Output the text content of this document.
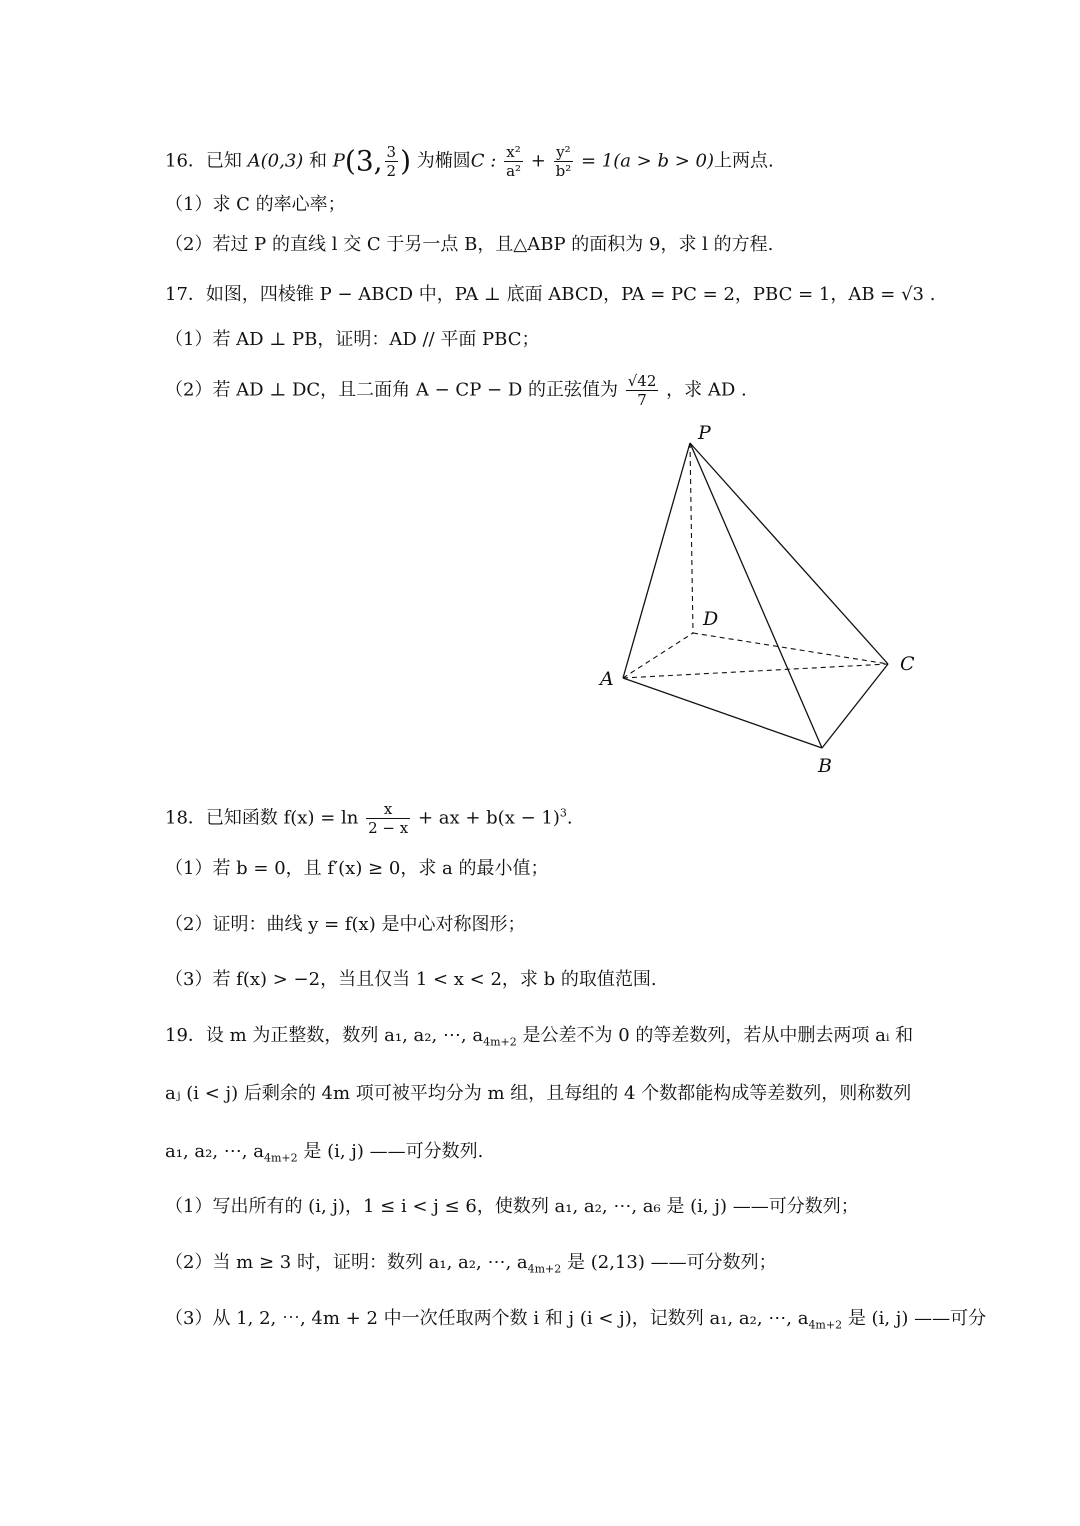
16．已知 A(0,3) 和 P(3, $\frac{3}{2}$ ) 为椭圆C : $\frac{\text{x²}}{\text{a²}} + \frac{\text{y²}}{\text{b²}} = 1(a > b > 0)$上两点.
（1）求 C 的率心率；
（2）若过 P 的直线 l 交 C 于另一点 B，且△ABP 的面积为 9，求 l 的方程.
17．如图，四棱锥 P − ABCD 中，PA ⊥ 底面 ABCD，PA = PC = 2，PBC = 1，AB = √3 .
（1）若 AD ⊥ PB，证明：AD // 平面 PBC；
（2）若 AD ⊥ DC，且二面角 A − CP − D 的正弦值为 $\frac{√42}{7}$ ，求 AD .
P
D
C
A
B
18．已知函数 $f(x) = \ln \frac{x}{2 - x}$ + ax + $b(x - 1)^3$.
（1）若 b = 0，且 f′(x) ≥ 0，求 a 的最小值；
（2）证明：曲线 y = f(x) 是中心对称图形；
（3）若 f(x) > −2，当且仅当 1 < x < 2，求 b 的取值范围.
19．设 m 为正整数，数列 a₁, a₂, ⋯, $a_{4m+2}$ 是公差不为 0 的等差数列，若从中删去两项 aᵢ 和
aⱼ (i < j) 后剩余的 4m 项可被平均分为 m 组，且每组的 4 个数都能构成等差数列，则称数列
a₁, a₂, ⋯, $a_{4m+2}$ 是 (i, j) ——可分数列.
（1）写出所有的 (i, j)，1 ≤ i < j ≤ 6，使数列 a₁, a₂, ⋯, a₆ 是 (i, j) ——可分数列；
（2）当 m ≥ 3 时，证明：数列 a₁, a₂, ⋯, $a_{4m+2}$ 是 (2,13) ——可分数列；
（3）从 1, 2, ⋯, 4m + 2 中一次任取两个数 i 和 j (i < j)，记数列 a₁, a₂, ⋯, $a_{4m+2}$ 是 (i, j) ——可分
